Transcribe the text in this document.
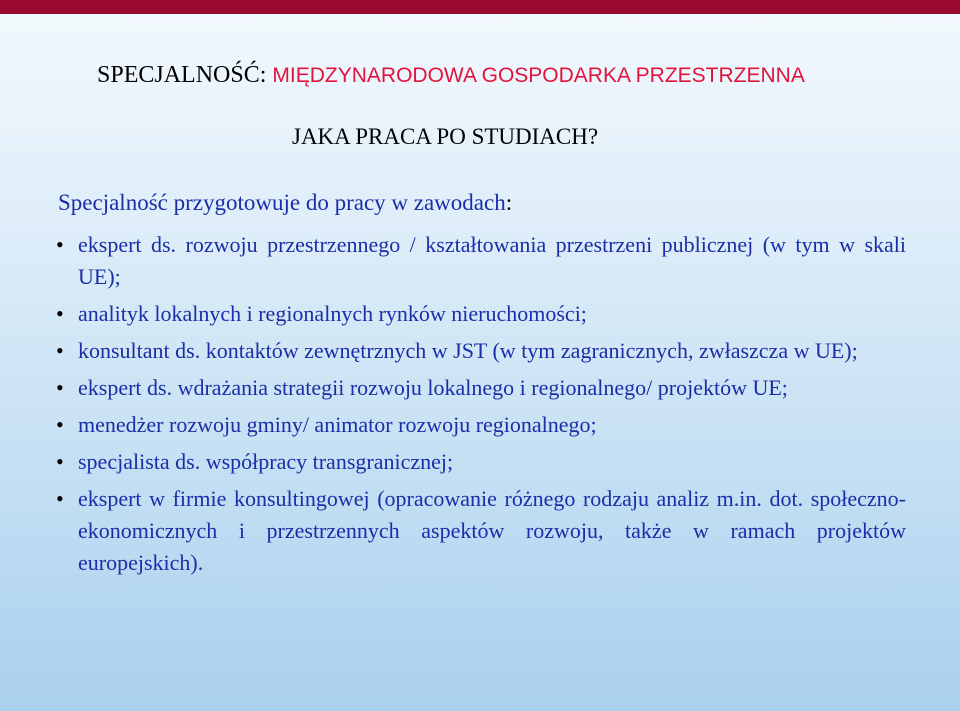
SPECJALNOŚĆ: MIĘDZYNARODOWA GOSPODARKA PRZESTRZENNA
JAKA PRACA PO STUDIACH?
Specjalność przygotowuje do pracy w zawodach:
• ekspert ds. rozwoju przestrzennego / kształtowania przestrzeni publicznej (w tym w skali UE);
• analityk lokalnych i regionalnych rynków nieruchomości;
• konsultant ds. kontaktów zewnętrznych w JST (w tym zagranicznych, zwłaszcza w UE);
• ekspert ds. wdrażania strategii rozwoju lokalnego i regionalnego/ projektów UE;
• menedżer rozwoju gminy/ animator rozwoju regionalnego;
• specjalista ds. współpracy transgranicznej;
• ekspert w firmie konsultingowej (opracowanie różnego rodzaju analiz m.in. dot. społeczno-ekonomicznych i przestrzennych aspektów rozwoju, także w ramach projektów europejskich).
